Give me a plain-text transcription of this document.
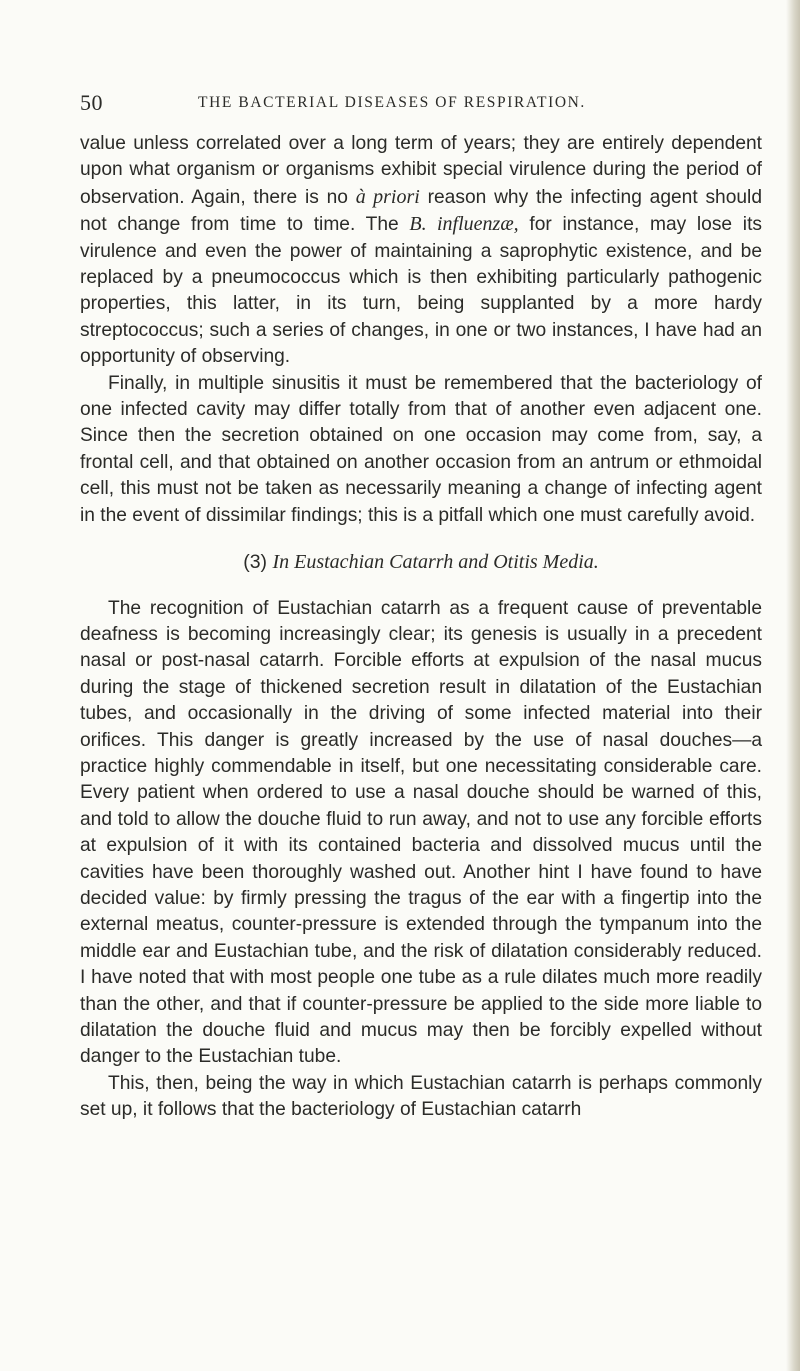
50	THE BACTERIAL DISEASES OF RESPIRATION.

value unless correlated over a long term of years; they are entirely dependent upon what organism or organisms exhibit special virulence during the period of observation. Again, there is no à priori reason why the infecting agent should not change from time to time. The B. influenzæ, for instance, may lose its virulence and even the power of maintaining a saprophytic existence, and be replaced by a pneumococcus which is then exhibiting particularly pathogenic properties, this latter, in its turn, being supplanted by a more hardy streptococcus; such a series of changes, in one or two instances, I have had an opportunity of observing.

Finally, in multiple sinusitis it must be remembered that the bacteriology of one infected cavity may differ totally from that of another even adjacent one. Since then the secretion obtained on one occasion may come from, say, a frontal cell, and that obtained on another occasion from an antrum or ethmoidal cell, this must not be taken as necessarily meaning a change of infecting agent in the event of dissimilar findings; this is a pitfall which one must carefully avoid.

(3) In Eustachian Catarrh and Otitis Media.

The recognition of Eustachian catarrh as a frequent cause of preventable deafness is becoming increasingly clear; its genesis is usually in a precedent nasal or post-nasal catarrh. Forcible efforts at expulsion of the nasal mucus during the stage of thickened secretion result in dilatation of the Eustachian tubes, and occasionally in the driving of some infected material into their orifices. This danger is greatly increased by the use of nasal douches—a practice highly commendable in itself, but one necessitating considerable care. Every patient when ordered to use a nasal douche should be warned of this, and told to allow the douche fluid to run away, and not to use any forcible efforts at expulsion of it with its contained bacteria and dissolved mucus until the cavities have been thoroughly washed out. Another hint I have found to have decided value: by firmly pressing the tragus of the ear with a fingertip into the external meatus, counter-pressure is extended through the tympanum into the middle ear and Eustachian tube, and the risk of dilatation considerably reduced. I have noted that with most people one tube as a rule dilates much more readily than the other, and that if counter-pressure be applied to the side more liable to dilatation the douche fluid and mucus may then be forcibly expelled without danger to the Eustachian tube.

This, then, being the way in which Eustachian catarrh is perhaps commonly set up, it follows that the bacteriology of Eustachian catarrh
